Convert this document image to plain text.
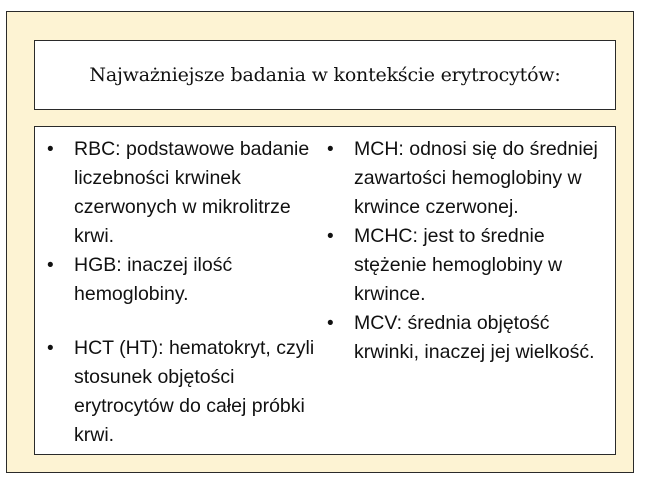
Najważniejsze badania w kontekście erytrocytów:
• RBC: podstawowe badanie liczebności krwinek czerwonych w mikrolitrze krwi.
• HGB: inaczej ilość hemoglobiny.
• HCT (HT): hematokryt, czyli stosunek objętości erytrocytów do całej próbki krwi.
• MCH: odnosi się do średniej zawartości hemoglobiny w krwince czerwonej.
• MCHC: jest to średnie stężenie hemoglobiny w krwince.
• MCV: średnia objętość krwinki, inaczej jej wielkość.
